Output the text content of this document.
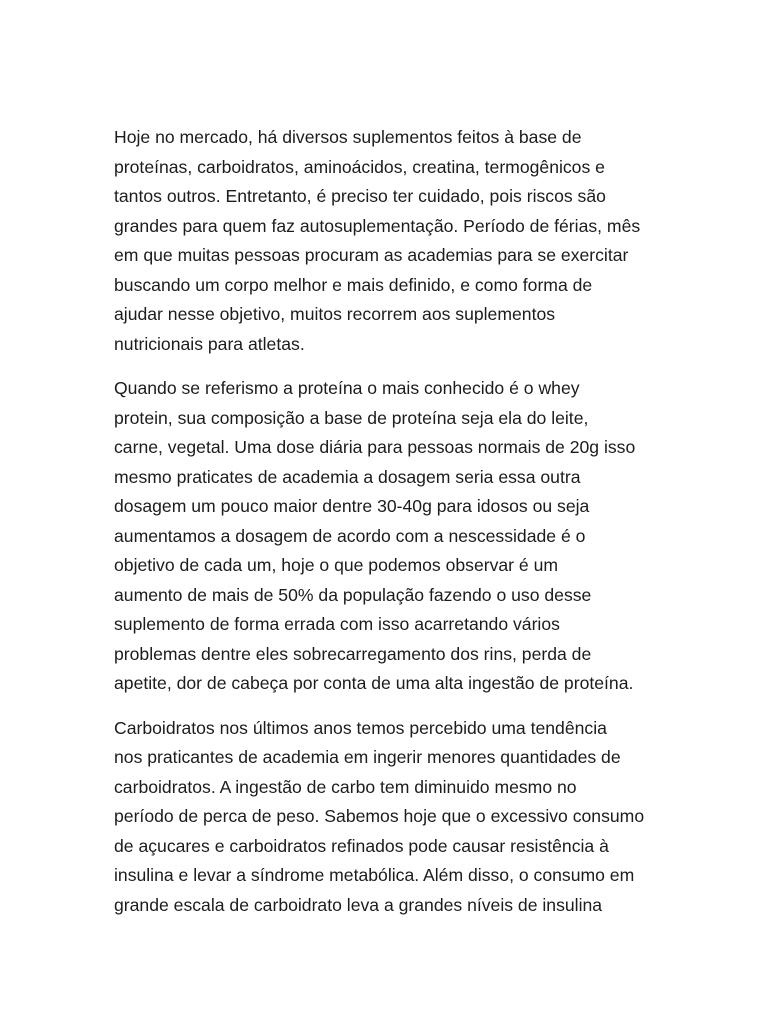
Hoje no mercado, há diversos suplementos feitos à base de
proteínas, carboidratos, aminoácidos, creatina, termogênicos e
tantos outros. Entretanto, é preciso ter cuidado, pois riscos são
grandes para quem faz autosuplementação. Período de férias, mês
em que muitas pessoas procuram as academias para se exercitar
buscando um corpo melhor e mais definido, e como forma de
ajudar nesse objetivo, muitos recorrem aos suplementos
nutricionais para atletas.
Quando se referismo a proteína o mais conhecido é o whey
protein, sua composição a base de proteína seja ela do leite,
carne, vegetal. Uma dose diária para pessoas normais de 20g isso
mesmo praticates de academia a dosagem seria essa outra
dosagem um pouco maior dentre 30-40g para idosos ou seja
aumentamos a dosagem de acordo com a nescessidade é o
objetivo de cada um, hoje o que podemos observar é um
aumento de mais de 50% da população fazendo o uso desse
suplemento de forma errada com isso acarretando vários
problemas dentre eles sobrecarregamento dos rins, perda de
apetite, dor de cabeça por conta de uma alta ingestão de proteína.
Carboidratos nos últimos anos temos percebido uma tendência
nos praticantes de academia em ingerir menores quantidades de
carboidratos. A ingestão de carbo tem diminuido mesmo no
período de perca de peso. Sabemos hoje que o excessivo consumo
de açucares e carboidratos refinados pode causar resistência à
insulina e levar a síndrome metabólica. Além disso, o consumo em
grande escala de carboidrato leva a grandes níveis de insulina
